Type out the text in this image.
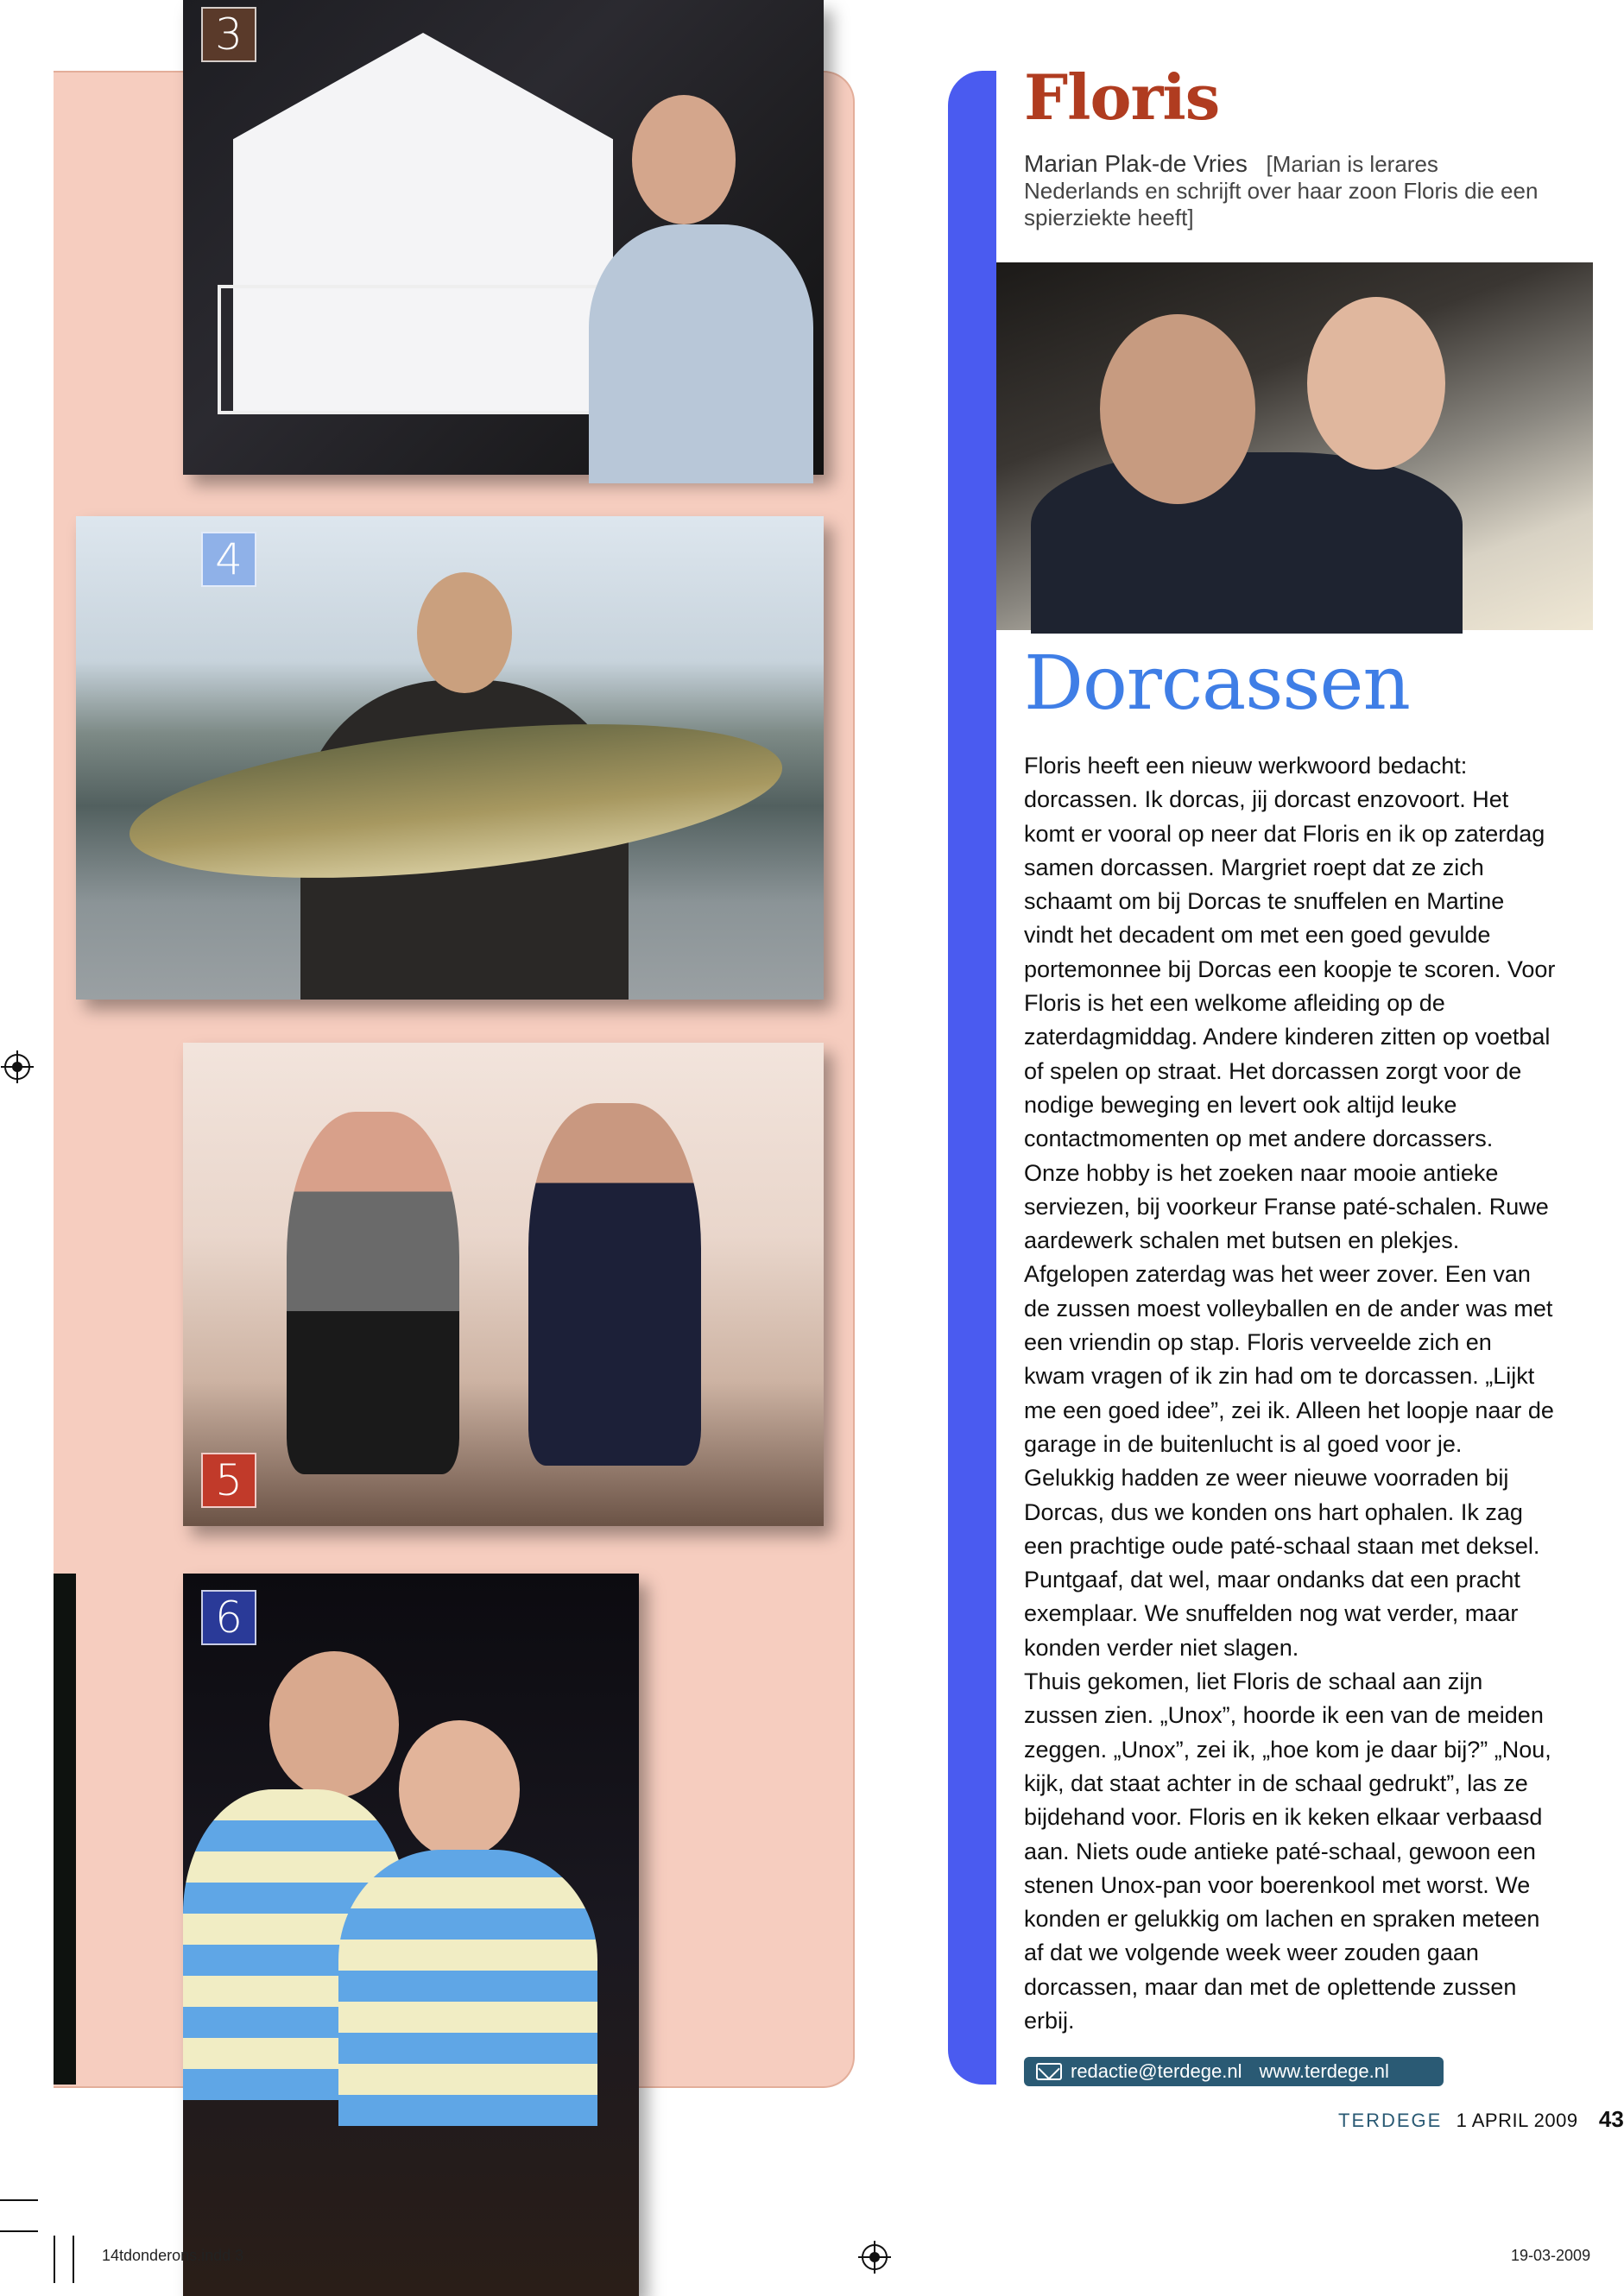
3
4
5
6
Floris
Marian Plak-de Vries [Marian is lerares Nederlands en schrijft over haar zoon Floris die een spierziekte heeft]
Dorcassen

Floris heeft een nieuw werkwoord bedacht: dorcassen. Ik dorcas, jij dorcast enzovoort. Het komt er vooral op neer dat Floris en ik op zaterdag samen dorcassen. Margriet roept dat ze zich schaamt om bij Dorcas te snuffelen en Martine vindt het decadent om met een goed gevulde portemonnee bij Dorcas een koopje te scoren. Voor Floris is het een welkome afleiding op de zaterdagmiddag. Andere kinderen zitten op voetbal of spelen op straat. Het dorcassen zorgt voor de nodige beweging en levert ook altijd leuke contactmomenten op met andere dorcassers.

Onze hobby is het zoeken naar mooie antieke serviezen, bij voorkeur Franse paté-schalen. Ruwe aardewerk schalen met butsen en plekjes. Afgelopen zaterdag was het weer zover. Een van de zussen moest volleyballen en de ander was met een vriendin op stap. Floris verveelde zich en kwam vragen of ik zin had om te dorcassen. „Lijkt me een goed idee”, zei ik. Alleen het loopje naar de garage in de buitenlucht is al goed voor je. Gelukkig hadden ze weer nieuwe voorraden bij Dorcas, dus we konden ons hart ophalen. Ik zag een prachtige oude paté-schaal staan met deksel. Puntgaaf, dat wel, maar ondanks dat een pracht exemplaar. We snuffelden nog wat verder, maar konden verder niet slagen.

Thuis gekomen, liet Floris de schaal aan zijn zussen zien. „Unox”, hoorde ik een van de meiden zeggen. „Unox”, zei ik, „hoe kom je daar bij?” „Nou, kijk, dat staat achter in de schaal gedrukt”, las ze bijdehand voor. Floris en ik keken elkaar verbaasd aan. Niets oude antieke paté-schaal, gewoon een stenen Unox-pan voor boerenkool met worst. We konden er gelukkig om lachen en spraken meteen af dat we volgende week weer zouden gaan dorcassen, maar dan met de oplettende zussen erbij.

redactie@terdege.nl www.terdege.nl
TERDEGE 1 APRIL 2009 43
14tdonderons.indd 3	19-03-2009
